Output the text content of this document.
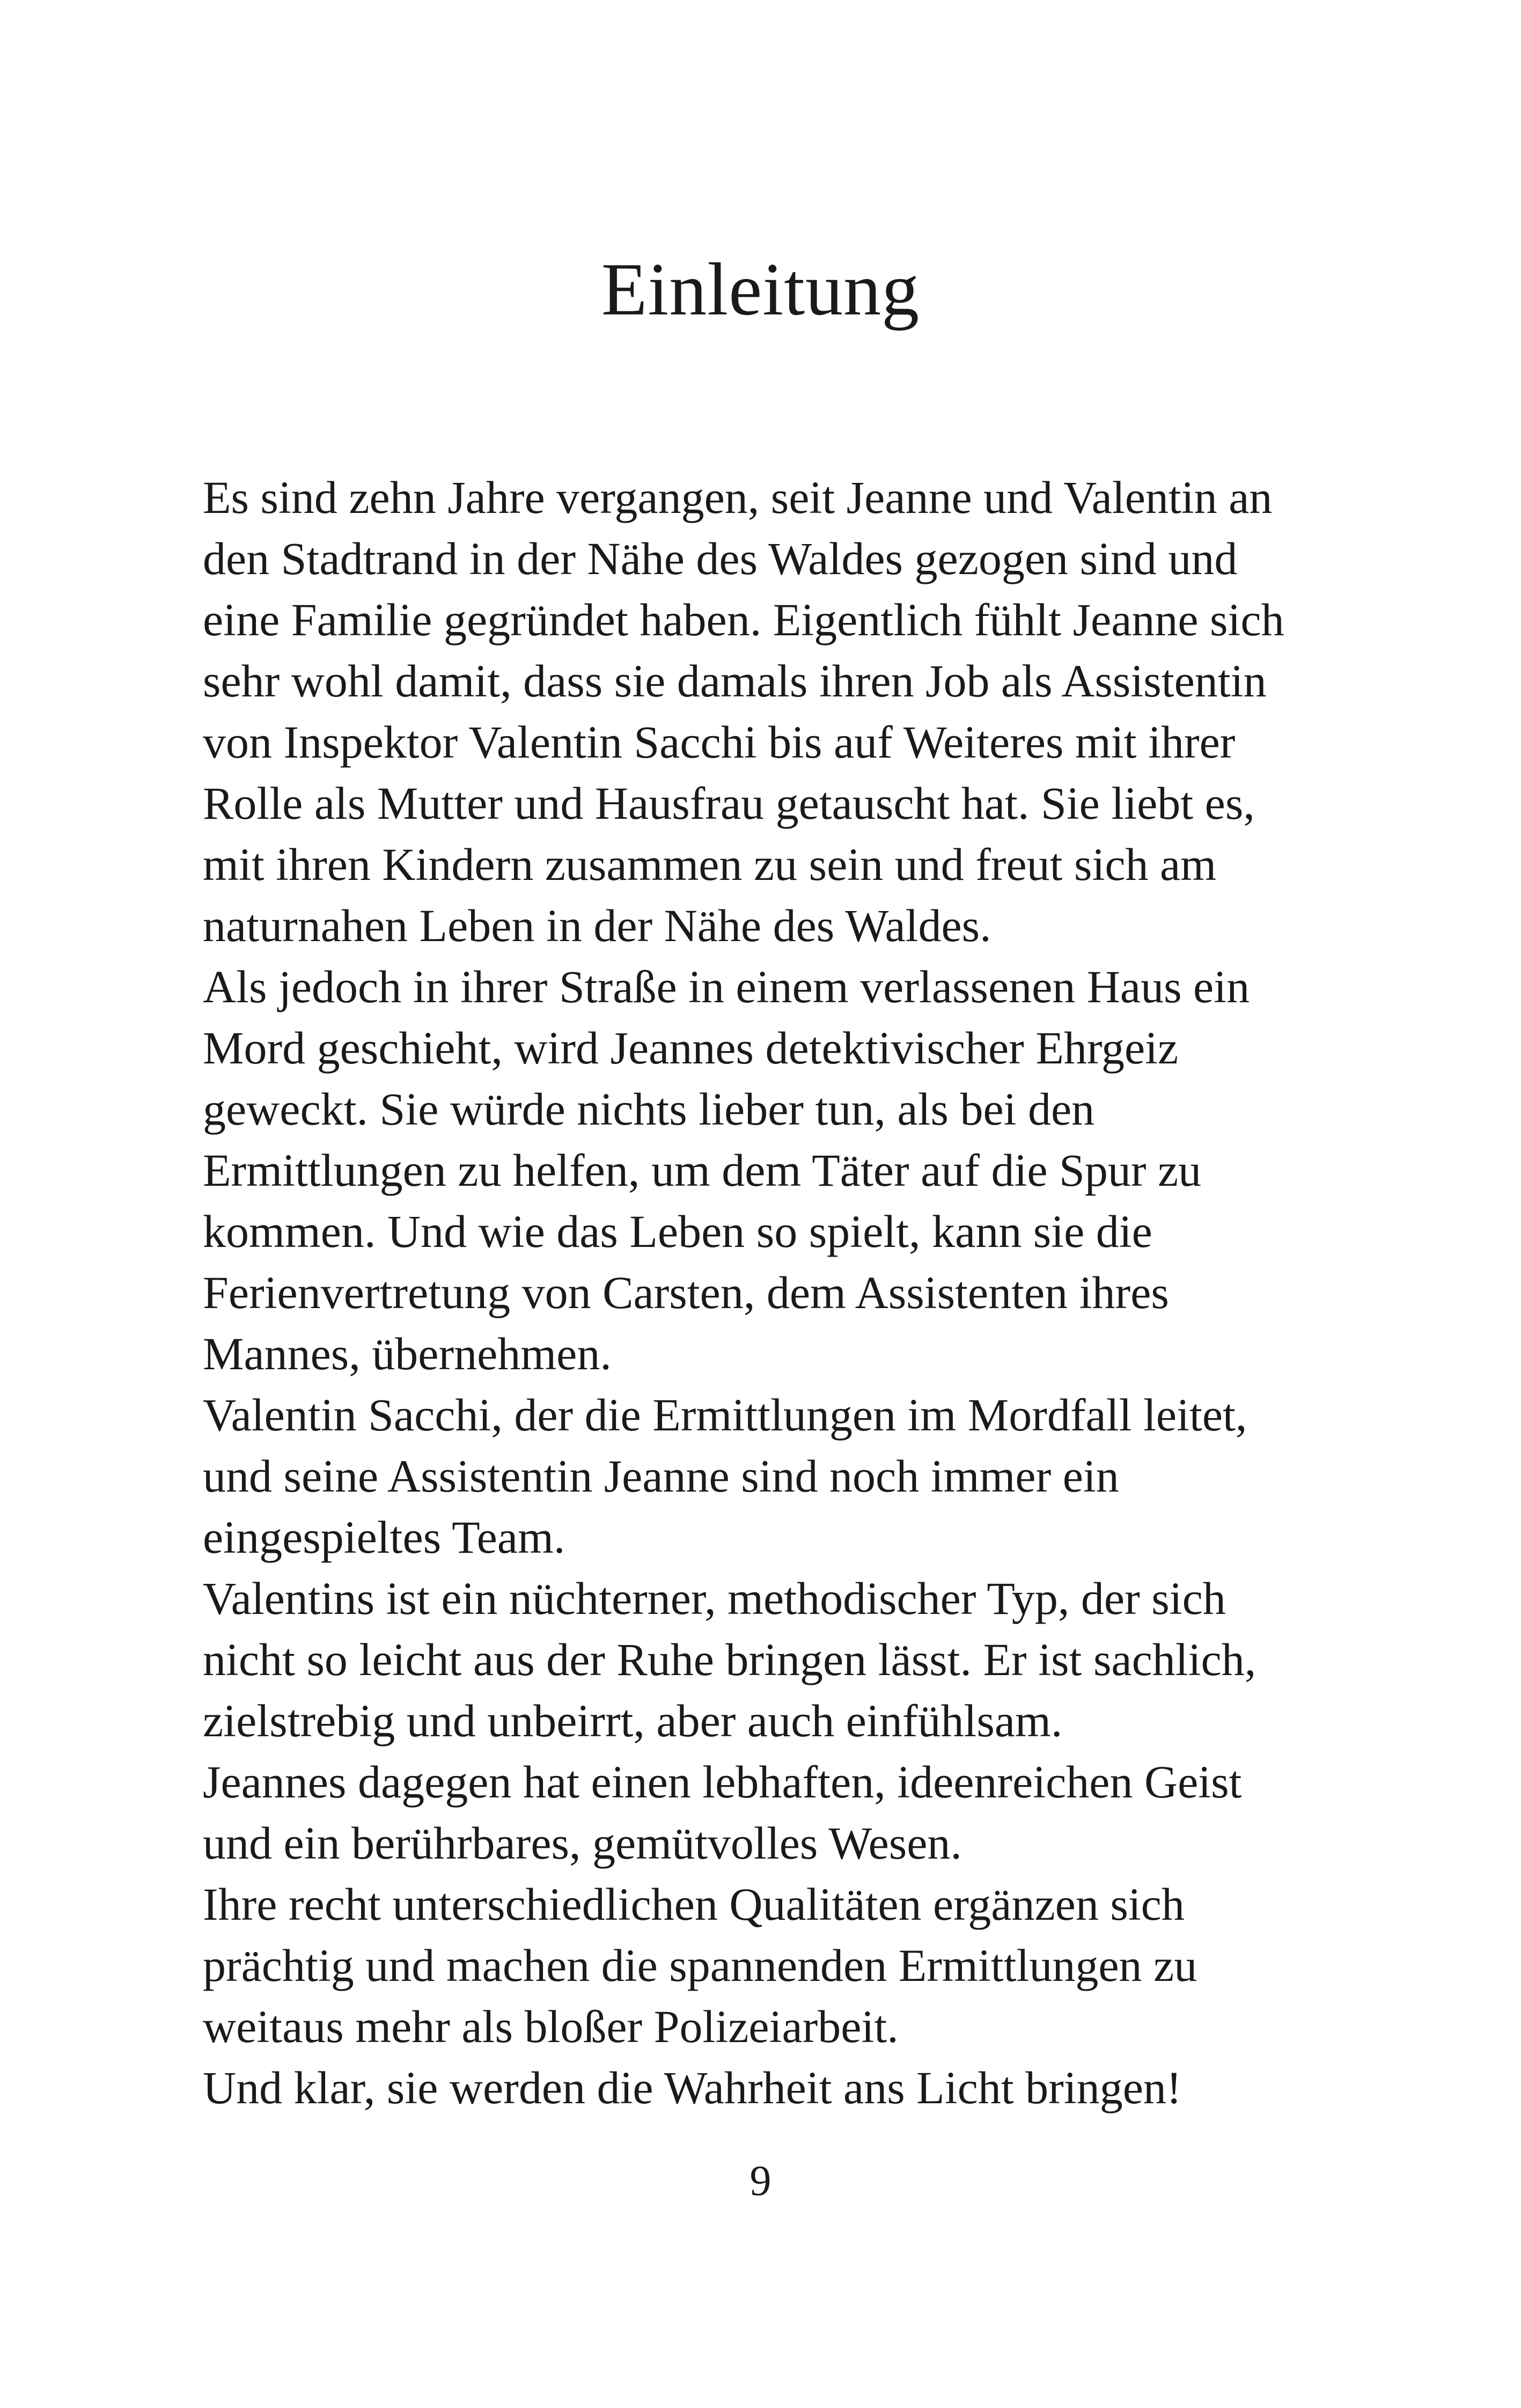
Einleitung
Es sind zehn Jahre vergangen, seit Jeanne und Valentin an
den Stadtrand in der Nähe des Waldes gezogen sind und
eine Familie gegründet haben. Eigentlich fühlt Jeanne sich
sehr wohl damit, dass sie damals ihren Job als Assistentin
von Inspektor Valentin Sacchi bis auf Weiteres mit ihrer
Rolle als Mutter und Hausfrau getauscht hat. Sie liebt es,
mit ihren Kindern zusammen zu sein und freut sich am
naturnahen Leben in der Nähe des Waldes.
Als jedoch in ihrer Straße in einem verlassenen Haus ein
Mord geschieht, wird Jeannes detektivischer Ehrgeiz
geweckt. Sie würde nichts lieber tun, als bei den
Ermittlungen zu helfen, um dem Täter auf die Spur zu
kommen. Und wie das Leben so spielt, kann sie die
Ferienvertretung von Carsten, dem Assistenten ihres
Mannes, übernehmen.
Valentin Sacchi, der die Ermittlungen im Mordfall leitet,
und seine Assistentin Jeanne sind noch immer ein
eingespieltes Team.
Valentins ist ein nüchterner, methodischer Typ, der sich
nicht so leicht aus der Ruhe bringen lässt. Er ist sachlich,
zielstrebig und unbeirrt, aber auch einfühlsam.
Jeannes dagegen hat einen lebhaften, ideenreichen Geist
und ein berührbares, gemütvolles Wesen.
Ihre recht unterschiedlichen Qualitäten ergänzen sich
prächtig und machen die spannenden Ermittlungen zu
weitaus mehr als bloßer Polizeiarbeit.
Und klar, sie werden die Wahrheit ans Licht bringen!
9
